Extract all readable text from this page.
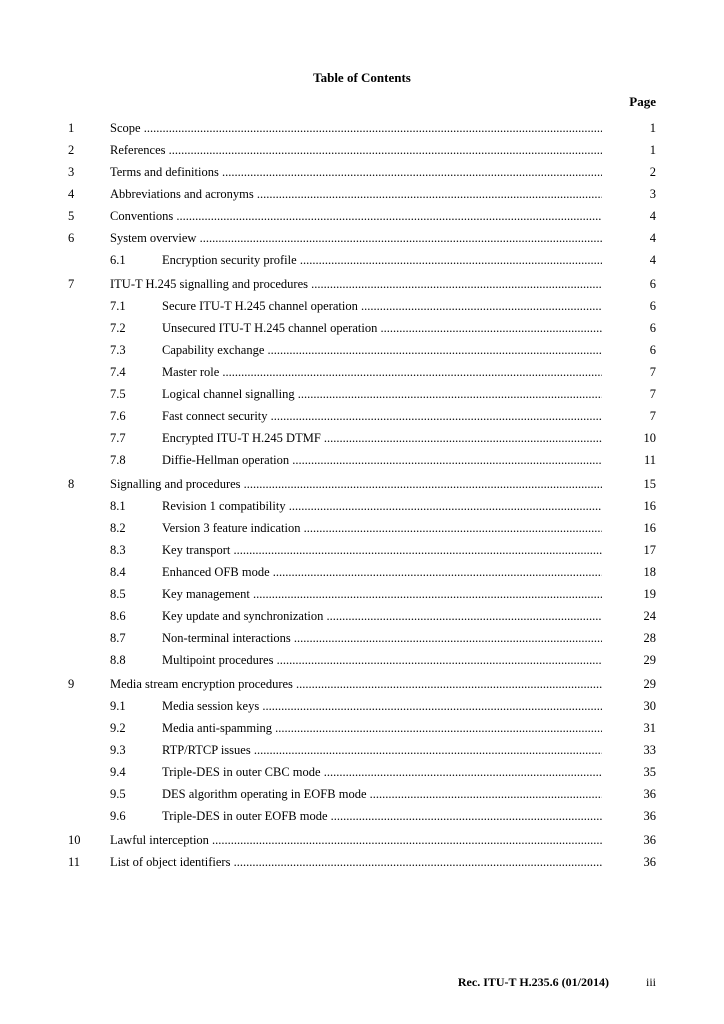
Table of Contents
Page
1	Scope .....	1
2	References .....	1
3	Terms and definitions .....	2
4	Abbreviations and acronyms .....	3
5	Conventions .....	4
6	System overview .....	4
6.1	Encryption security profile .....	4
7	ITU-T H.245 signalling and procedures .....	6
7.1	Secure ITU-T H.245 channel operation .....	6
7.2	Unsecured ITU-T H.245 channel operation .....	6
7.3	Capability exchange .....	6
7.4	Master role .....	7
7.5	Logical channel signalling .....	7
7.6	Fast connect security .....	7
7.7	Encrypted ITU-T H.245 DTMF .....	10
7.8	Diffie-Hellman operation .....	11
8	Signalling and procedures .....	15
8.1	Revision 1 compatibility .....	16
8.2	Version 3 feature indication .....	16
8.3	Key transport .....	17
8.4	Enhanced OFB mode .....	18
8.5	Key management .....	19
8.6	Key update and synchronization .....	24
8.7	Non-terminal interactions .....	28
8.8	Multipoint procedures .....	29
9	Media stream encryption procedures .....	29
9.1	Media session keys .....	30
9.2	Media anti-spamming .....	31
9.3	RTP/RTCP issues .....	33
9.4	Triple-DES in outer CBC mode .....	35
9.5	DES algorithm operating in EOFB mode .....	36
9.6	Triple-DES in outer EOFB mode .....	36
10 Lawful interception .....	36
11 List of object identifiers .....	36
Rec. ITU-T H.235.6 (01/2014)	iii
